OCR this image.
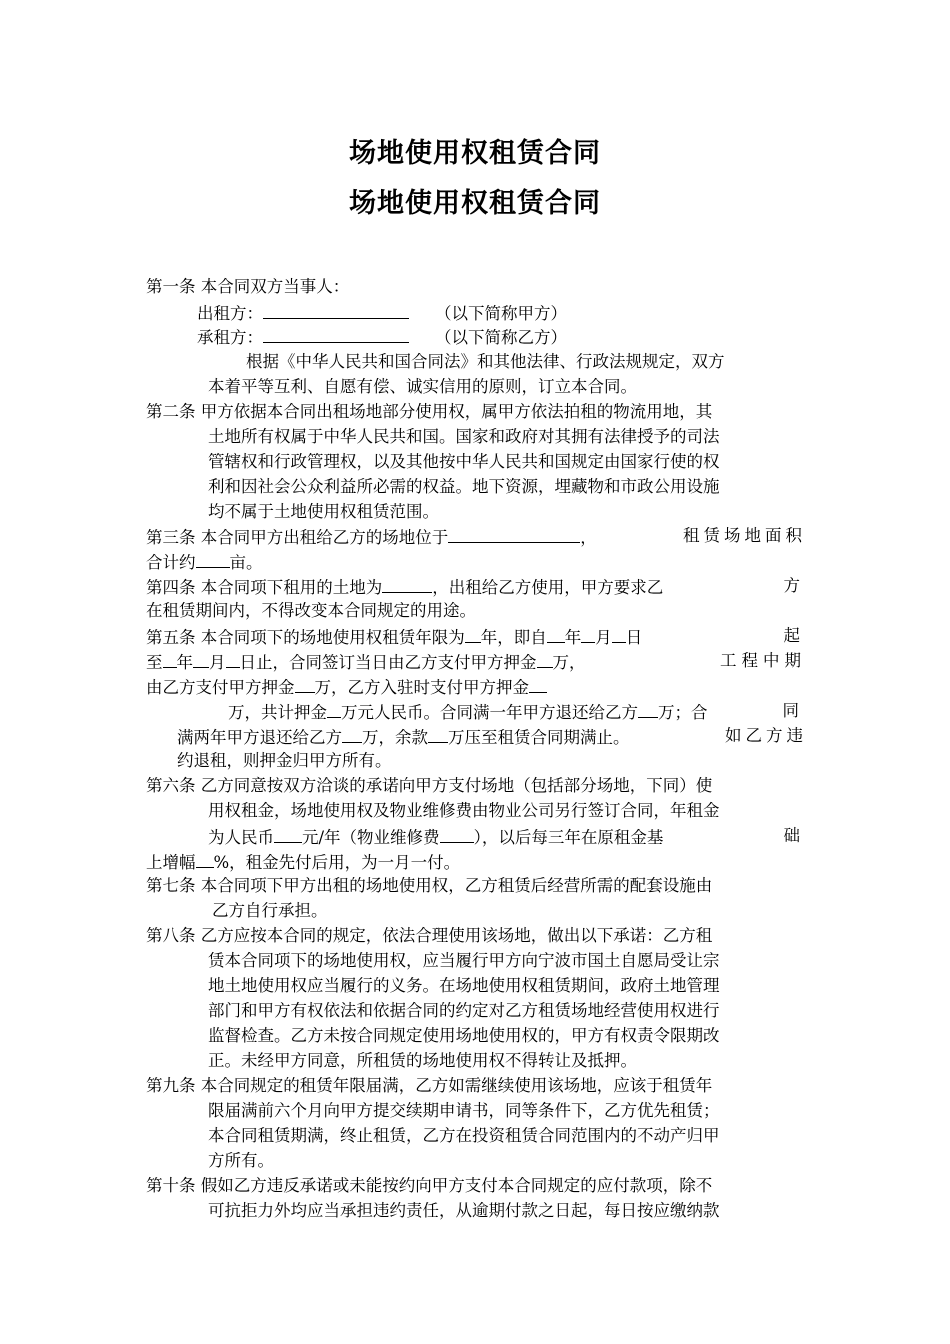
场地使用权租赁合同
场地使用权租赁合同
第一条 本合同双方当事人：
出租方：	（以下简称甲方）
承租方：	（以下简称乙方）
根据《中华人民共和国合同法》和其他法律、行政法规规定，双方
本着平等互利、自愿有偿、诚实信用的原则，订立本合同。
第二条 甲方依据本合同出租场地部分使用权，属甲方依法拍租的物流用地，其
土地所有权属于中华人民共和国。国家和政府对其拥有法律授予的司法
管辖权和行政管理权，以及其他按中华人民共和国规定由国家行使的权
利和因社会公众利益所必需的权益。地下资源，埋藏物和市政公用设施
均不属于土地使用权租赁范围。
第三条 本合同甲方出租给乙方的场地位于	，	租赁场地面积
合计约 亩。
第四条 本合同项下租用的土地为	，出租给乙方使用，甲方要求乙	方
在租赁期间内，不得改变本合同规定的用途。
第五条 本合同项下的场地使用权租赁年限为 年，即自 年 月 日	起
至 年 月 日止，合同签订当日由乙方支付甲方押金 万，	工程中期
由乙方支付甲方押金 万，乙方入驻时支付甲方押金
万，共计押金 万元人民币。合同满一年甲方退还给乙方 万；合	同
满两年甲方退还给乙方 万，余款 万压至租赁合同期满止。	如乙方违
约退租，则押金归甲方所有。
第六条 乙方同意按双方洽谈的承诺向甲方支付场地（包括部分场地，下同）使
用权租金，场地使用权及物业维修费由物业公司另行签订合同，年租金
为人民币 元/年（物业维修费 ），以后每三年在原租金基	础
上增幅 %，租金先付后用，为一月一付。
第七条 本合同项下甲方出租的场地使用权，乙方租赁后经营所需的配套设施由
乙方自行承担。
第八条 乙方应按本合同的规定，依法合理使用该场地，做出以下承诺：乙方租
赁本合同项下的场地使用权，应当履行甲方向宁波市国土自愿局受让宗
地土地使用权应当履行的义务。在场地使用权租赁期间，政府土地管理
部门和甲方有权依法和依据合同的约定对乙方租赁场地经营使用权进行
监督检查。乙方未按合同规定使用场地使用权的，甲方有权责令限期改
正。未经甲方同意，所租赁的场地使用权不得转让及抵押。
第九条 本合同规定的租赁年限届满，乙方如需继续使用该场地，应该于租赁年
限届满前六个月向甲方提交续期申请书，同等条件下，乙方优先租赁；
本合同租赁期满，终止租赁，乙方在投资租赁合同范围内的不动产归甲
方所有。
第十条 假如乙方违反承诺或未能按约向甲方支付本合同规定的应付款项，除不
可抗拒力外均应当承担违约责任，从逾期付款之日起，每日按应缴纳款
